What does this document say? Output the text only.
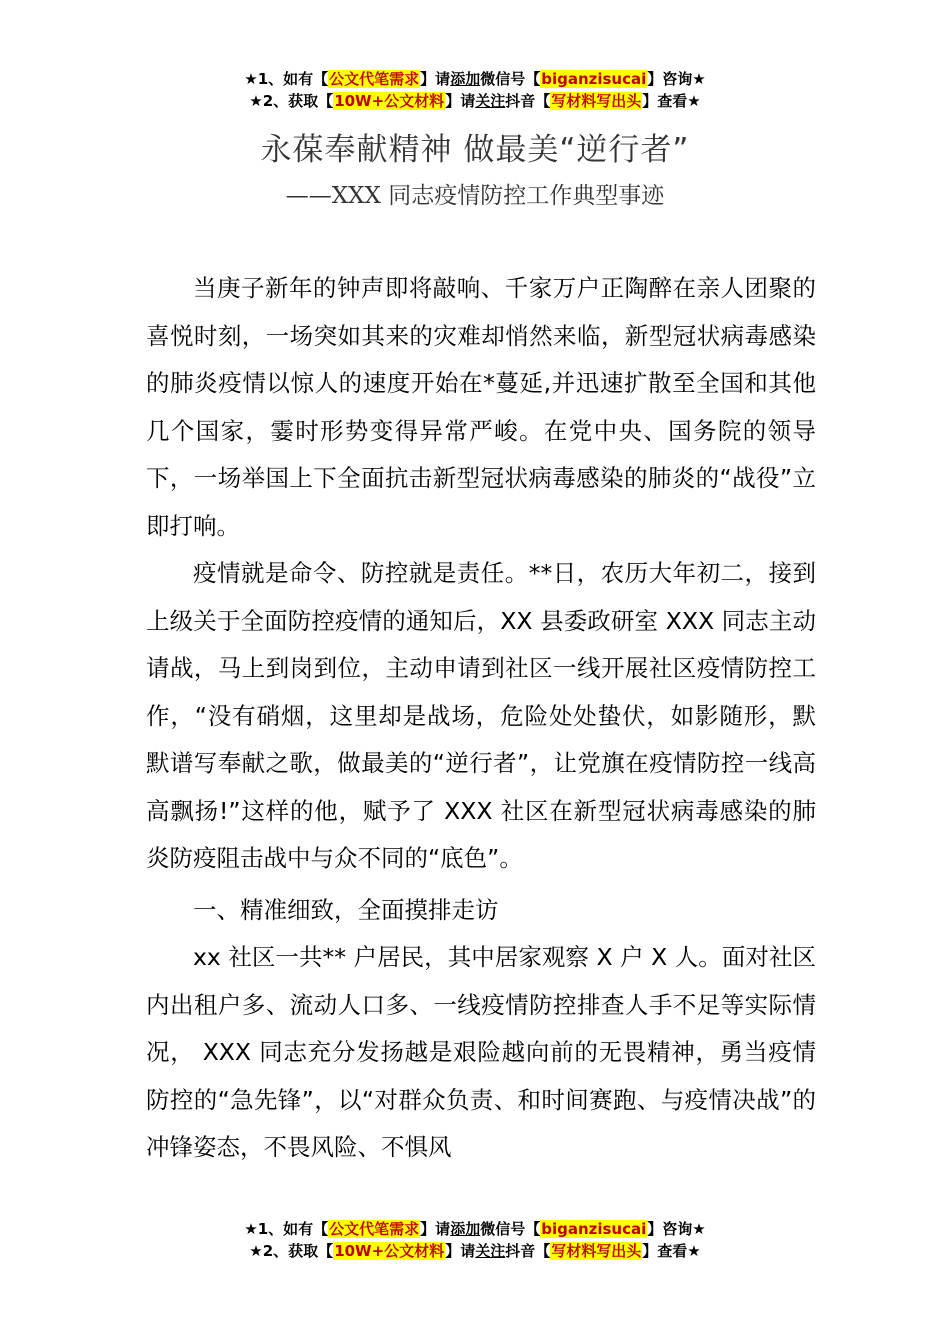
★1、如有【公文代笔需求】请添加微信号【biganzisucai】咨询★
★2、获取【10W+公文材料】请关注抖音【写材料写出头】查看★
永葆奉献精神 做最美“逆行者”
——XXX 同志疫情防控工作典型事迹

当庚子新年的钟声即将敲响、千家万户正陶醉在亲人团聚的喜悦时刻，一场突如其来的灾难却悄然来临，新型冠状病毒感染的肺炎疫情以惊人的速度开始在*蔓延,并迅速扩散至全国和其他几个国家，霎时形势变得异常严峻。在党中央、国务院的领导下，一场举国上下全面抗击新型冠状病毒感染的肺炎的“战役”立即打响。

疫情就是命令、防控就是责任。**日，农历大年初二，接到上级关于全面防控疫情的通知后，XX 县委政研室 XXX 同志主动请战，马上到岗到位，主动申请到社区一线开展社区疫情防控工作，“没有硝烟，这里却是战场，危险处处蛰伏，如影随形，默默谱写奉献之歌，做最美的“逆行者”，让党旗在疫情防控一线高高飘扬!”这样的他，赋予了 XXX 社区在新型冠状病毒感染的肺炎防疫阻击战中与众不同的“底色”。

一、精准细致，全面摸排走访

xx 社区一共** 户居民，其中居家观察 X 户 X 人。面对社区内出租户多、流动人口多、一线疫情防控排查人手不足等实际情况， XXX 同志充分发扬越是艰险越向前的无畏精神，勇当疫情防控的“急先锋”，以“对群众负责、和时间赛跑、与疫情决战”的冲锋姿态，不畏风险、不惧风

★1、如有【公文代笔需求】请添加微信号【biganzisucai】咨询★
★2、获取【10W+公文材料】请关注抖音【写材料写出头】查看★
